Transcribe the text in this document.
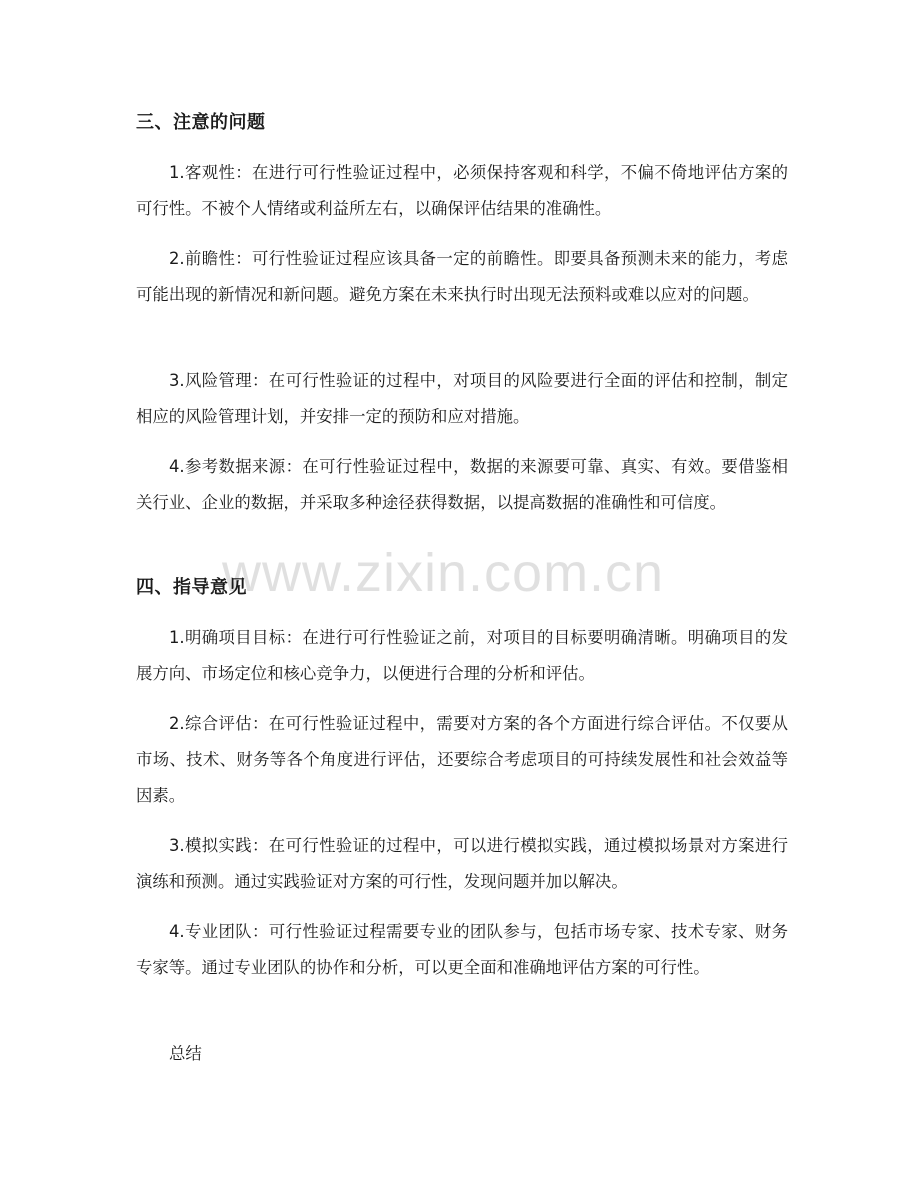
三、注意的问题
1.客观性：在进行可行性验证过程中，必须保持客观和科学，不偏不倚地评估方案的可行性。不被个人情绪或利益所左右，以确保评估结果的准确性。
2.前瞻性：可行性验证过程应该具备一定的前瞻性。即要具备预测未来的能力，考虑可能出现的新情况和新问题。避免方案在未来执行时出现无法预料或难以应对的问题。
3.风险管理：在可行性验证的过程中，对项目的风险要进行全面的评估和控制，制定相应的风险管理计划，并安排一定的预防和应对措施。
4.参考数据来源：在可行性验证过程中，数据的来源要可靠、真实、有效。要借鉴相关行业、企业的数据，并采取多种途径获得数据，以提高数据的准确性和可信度。
四、指导意见
1.明确项目目标：在进行可行性验证之前，对项目的目标要明确清晰。明确项目的发展方向、市场定位和核心竞争力，以便进行合理的分析和评估。
2.综合评估：在可行性验证过程中，需要对方案的各个方面进行综合评估。不仅要从市场、技术、财务等各个角度进行评估，还要综合考虑项目的可持续发展性和社会效益等因素。
3.模拟实践：在可行性验证的过程中，可以进行模拟实践，通过模拟场景对方案进行演练和预测。通过实践验证对方案的可行性，发现问题并加以解决。
4.专业团队：可行性验证过程需要专业的团队参与，包括市场专家、技术专家、财务专家等。通过专业团队的协作和分析，可以更全面和准确地评估方案的可行性。
总结
www.zixin.com.cn
